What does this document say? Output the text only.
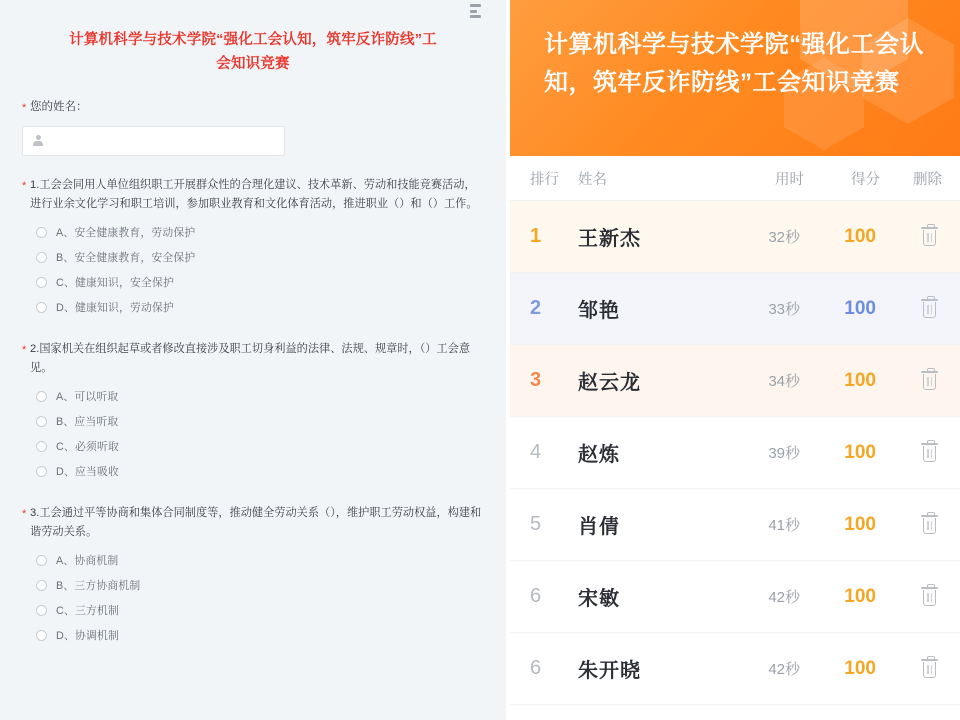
计算机科学与技术学院“强化工会认知，筑牢反诈防线”工会知识竞赛
* 您的姓名：
* 1.工会会同用人单位组织职工开展群众性的合理化建议、技术革新、劳动和技能竞赛活动，进行业余文化学习和职工培训，参加职业教育和文化体育活动，推进职业（）和（）工作。
A、安全健康教育，劳动保护
B、安全健康教育，安全保护
C、健康知识，安全保护
D、健康知识，劳动保护
* 2.国家机关在组织起草或者修改直接涉及职工切身利益的法律、法规、规章时，（）工会意见。
A、可以听取
B、应当听取
C、必须听取
D、应当吸收
* 3.工会通过平等协商和集体合同制度等，推动健全劳动关系（），维护职工劳动权益，构建和谐劳动关系。
A、协商机制
B、三方协商机制
C、三方机制
D、协调机制
计算机科学与技术学院“强化工会认知，筑牢反诈防线”工会知识竞赛
排行	姓名	用时	得分	删除
1	王新杰	32秒	100
2	邹艳	33秒	100
3	赵云龙	34秒	100
4	赵炼	39秒	100
5	肖倩	41秒	100
6	宋敏	42秒	100
6	朱开晓	42秒	100
